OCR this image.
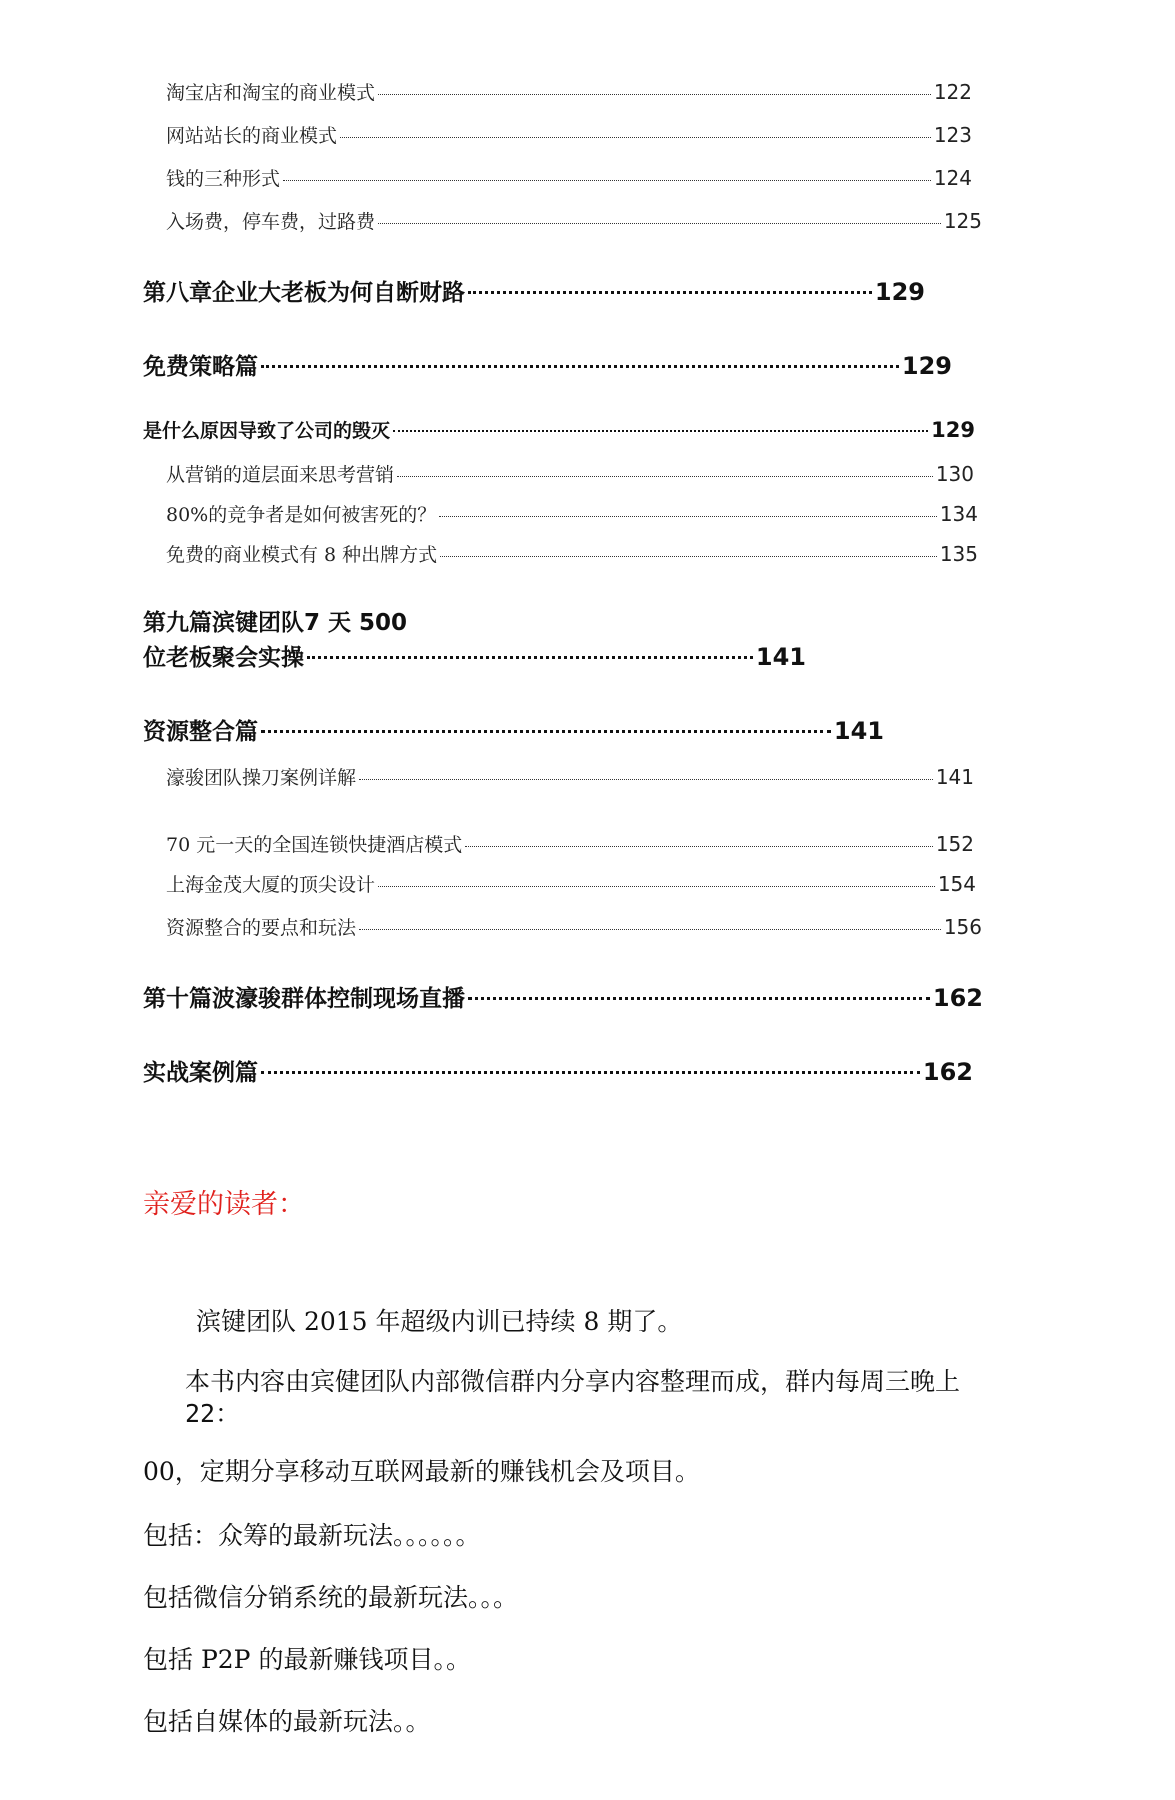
淘宝店和淘宝的商业模式	122
网站站长的商业模式	123
钱的三种形式	124
入场费，停车费，过路费	125
第八章企业大老板为何自断财路	129
免费策略篇	129
是什么原因导致了公司的毁灭	129
从营销的道层面来思考营销	130
80%的竞争者是如何被害死的？	134
免费的商业模式有 8 种出牌方式	135
第九篇滨键团队7 天 500
位老板聚会实操	141
资源整合篇	141
濠骏团队操刀案例详解	141
70 元一天的全国连锁快捷酒店模式	152
上海金茂大厦的顶尖设计	154
资源整合的要点和玩法	156
第十篇波濠骏群体控制现场直播	162
实战案例篇	162
亲爱的读者：
滨键团队 2015 年超级内训已持续 8 期了。
本书内容由宾健团队内部微信群内分享内容整理而成，群内每周三晚上
22：
00，定期分享移动互联网最新的赚钱机会及项目。
包括：众筹的最新玩法。。。。。。
包括微信分销系统的最新玩法。。。
包括 P2P 的最新赚钱项目。。
包括自媒体的最新玩法。。
